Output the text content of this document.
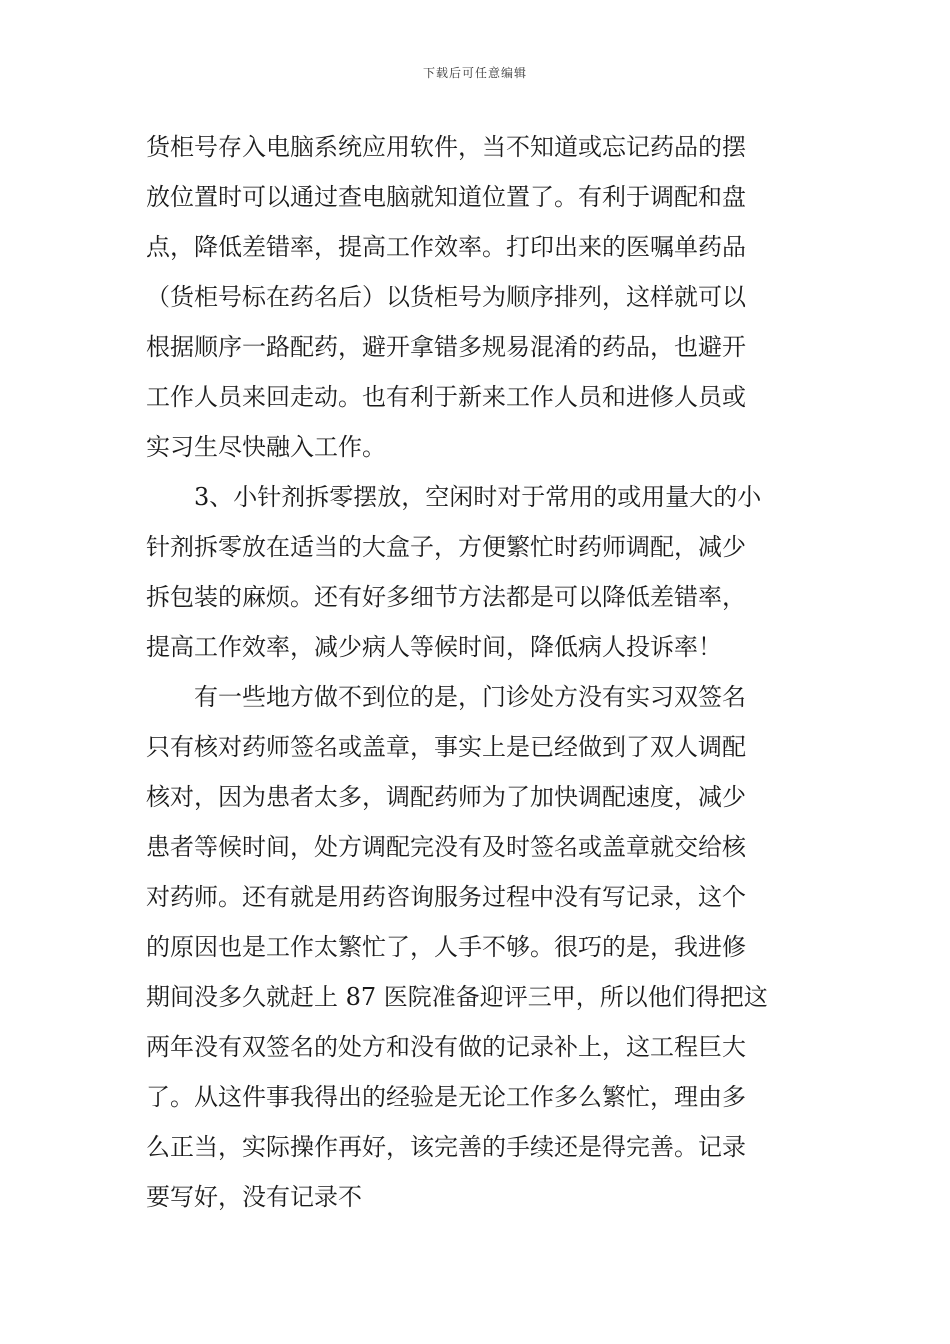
下载后可任意编辑
货柜号存入电脑系统应用软件，当不知道或忘记药品的摆
放位置时可以通过查电脑就知道位置了。有利于调配和盘
点，降低差错率，提高工作效率。打印出来的医嘱单药品
（货柜号标在药名后）以货柜号为顺序排列，这样就可以
根据顺序一路配药，避开拿错多规易混淆的药品，也避开
工作人员来回走动。也有利于新来工作人员和进修人员或
实习生尽快融入工作。
3、小针剂拆零摆放，空闲时对于常用的或用量大的小
针剂拆零放在适当的大盒子，方便繁忙时药师调配，减少
拆包装的麻烦。还有好多细节方法都是可以降低差错率，
提高工作效率，减少病人等候时间，降低病人投诉率！
有一些地方做不到位的是，门诊处方没有实习双签名
只有核对药师签名或盖章，事实上是已经做到了双人调配
核对，因为患者太多，调配药师为了加快调配速度，减少
患者等候时间，处方调配完没有及时签名或盖章就交给核
对药师。还有就是用药咨询服务过程中没有写记录，这个
的原因也是工作太繁忙了，人手不够。很巧的是，我进修
期间没多久就赶上 87 医院准备迎评三甲，所以他们得把这
两年没有双签名的处方和没有做的记录补上，这工程巨大
了。从这件事我得出的经验是无论工作多么繁忙，理由多
么正当，实际操作再好，该完善的手续还是得完善。记录
要写好，没有记录不
